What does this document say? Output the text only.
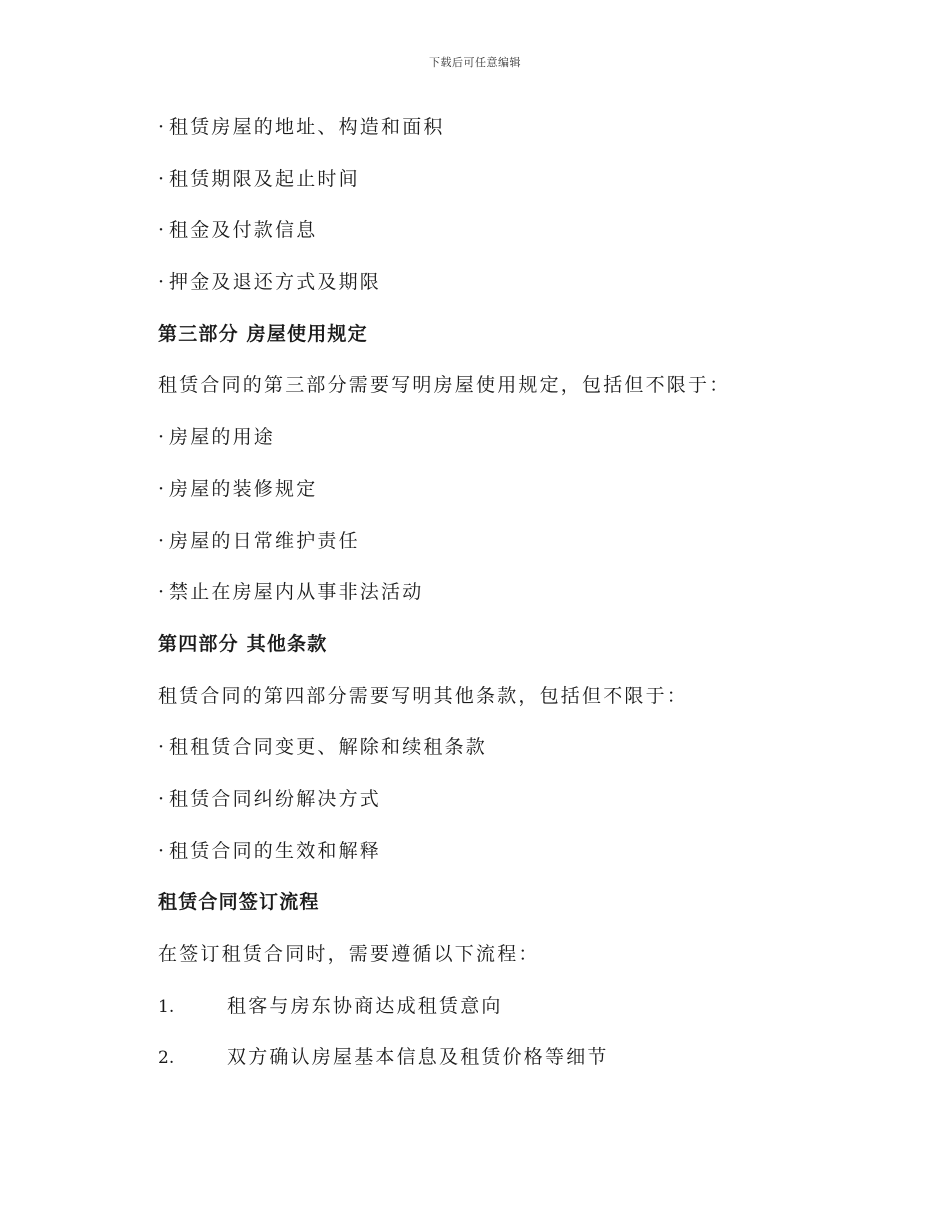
下载后可任意编辑
· 租赁房屋的地址、构造和面积
· 租赁期限及起止时间
· 租金及付款信息
· 押金及退还方式及期限
第三部分 房屋使用规定
租赁合同的第三部分需要写明房屋使用规定，包括但不限于：
· 房屋的用途
· 房屋的装修规定
· 房屋的日常维护责任
· 禁止在房屋内从事非法活动
第四部分 其他条款
租赁合同的第四部分需要写明其他条款，包括但不限于：
· 租租赁合同变更、解除和续租条款
· 租赁合同纠纷解决方式
· 租赁合同的生效和解释
租赁合同签订流程
在签订租赁合同时，需要遵循以下流程：
1.	租客与房东协商达成租赁意向
2.	双方确认房屋基本信息及租赁价格等细节
